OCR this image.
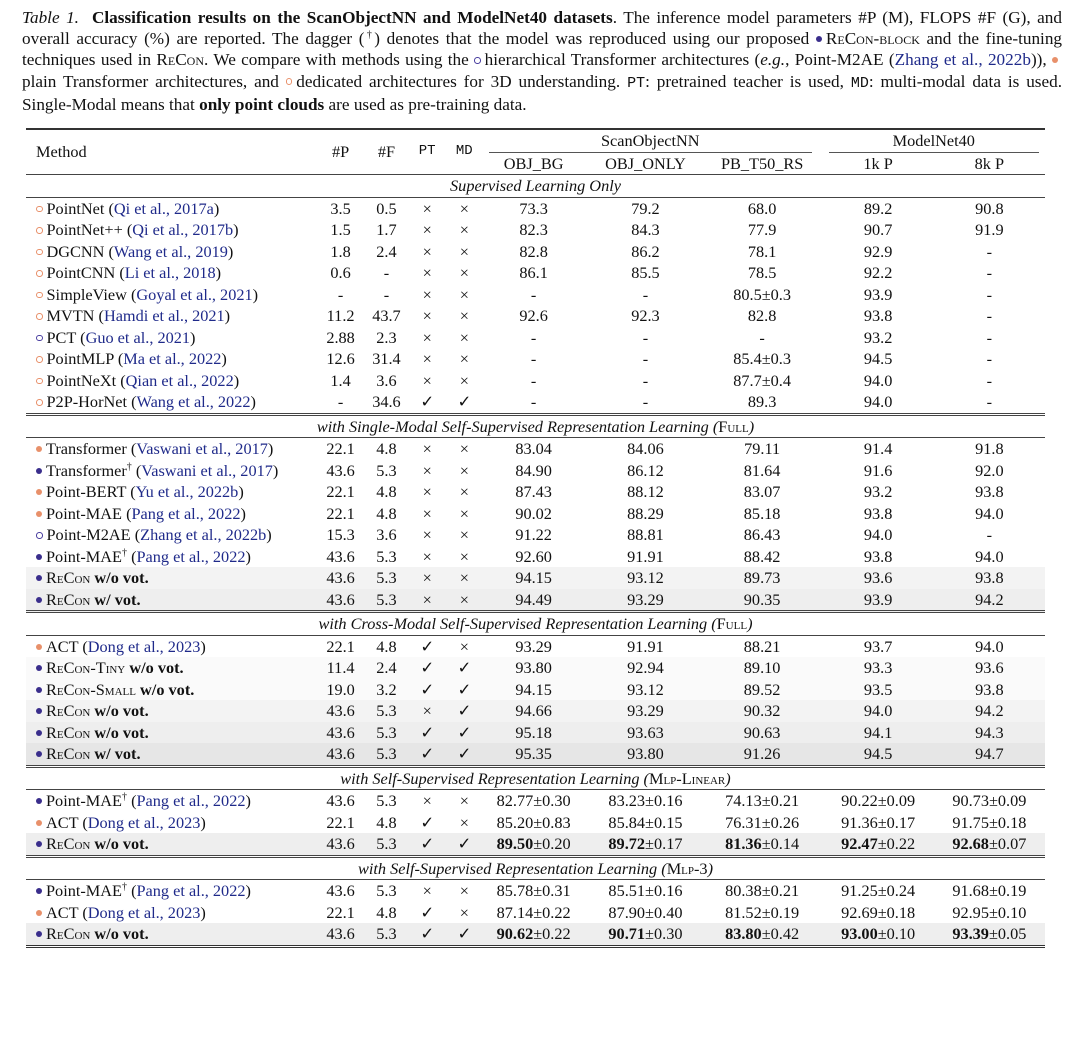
Table 1. Classification results on the ScanObjectNN and ModelNet40 datasets. The inference model parameters #P (M), FLOPS #F (G), and overall accuracy (%) are reported. The dagger (†) denotes that the model was reproduced using our proposed ReCon-block and the fine-tuning techniques used in ReCon. We compare with methods using the hierarchical Transformer architectures (e.g., Point-M2AE (Zhang et al., 2022b)), plain Transformer architectures, and dedicated architectures for 3D understanding. PT: pretrained teacher is used, MD: multi-modal data is used. Single-Modal means that only point clouds are used as pre-training data.
Method	#P	#F	PT	MD	ScanObjectNN				ModelNet40	

					OBJ_BG	OBJ_ONLY	PB_T50_RS		1k P	8k P
Supervised Learning Only										
PointNet (Qi et al., 2017a)	3.5	0.5	×	×	73.3	79.2	68.0		89.2	90.8
PointNet++ (Qi et al., 2017b)	1.5	1.7	×	×	82.3	84.3	77.9		90.7	91.9
DGCNN (Wang et al., 2019)	1.8	2.4	×	×	82.8	86.2	78.1		92.9	-
PointCNN (Li et al., 2018)	0.6	-	×	×	86.1	85.5	78.5		92.2	-
SimpleView (Goyal et al., 2021)	-	-	×	×	-	-	80.5±0.3		93.9	-
MVTN (Hamdi et al., 2021)	11.2	43.7	×	×	92.6	92.3	82.8		93.8	-
PCT (Guo et al., 2021)	2.88	2.3	×	×	-	-	-		93.2	-
PointMLP (Ma et al., 2022)	12.6	31.4	×	×	-	-	85.4±0.3		94.5	-
PointNeXt (Qian et al., 2022)	1.4	3.6	×	×	-	-	87.7±0.4		94.0	-
P2P-HorNet (Wang et al., 2022)	-	34.6	✓	✓	-	-	89.3		94.0	-
with Single-Modal Self-Supervised Representation Learning (Full)										
Transformer (Vaswani et al., 2017)	22.1	4.8	×	×	83.04	84.06	79.11		91.4	91.8
Transformer† (Vaswani et al., 2017)	43.6	5.3	×	×	84.90	86.12	81.64		91.6	92.0
Point-BERT (Yu et al., 2022b)	22.1	4.8	×	×	87.43	88.12	83.07		93.2	93.8
Point-MAE (Pang et al., 2022)	22.1	4.8	×	×	90.02	88.29	85.18		93.8	94.0
Point-M2AE (Zhang et al., 2022b)	15.3	3.6	×	×	91.22	88.81	86.43		94.0	-
Point-MAE† (Pang et al., 2022)	43.6	5.3	×	×	92.60	91.91	88.42		93.8	94.0
ReCon w/o vot.	43.6	5.3	×	×	94.15	93.12	89.73		93.6	93.8
ReCon w/ vot.	43.6	5.3	×	×	94.49	93.29	90.35		93.9	94.2
with Cross-Modal Self-Supervised Representation Learning (Full)										
ACT (Dong et al., 2023)	22.1	4.8	✓	×	93.29	91.91	88.21		93.7	94.0
ReCon-Tiny w/o vot.	11.4	2.4	✓	✓	93.80	92.94	89.10		93.3	93.6
ReCon-Small w/o vot.	19.0	3.2	✓	✓	94.15	93.12	89.52		93.5	93.8
ReCon w/o vot.	43.6	5.3	×	✓	94.66	93.29	90.32		94.0	94.2
ReCon w/o vot.	43.6	5.3	✓	✓	95.18	93.63	90.63		94.1	94.3
ReCon w/ vot.	43.6	5.3	✓	✓	95.35	93.80	91.26		94.5	94.7
with Self-Supervised Representation Learning (Mlp-Linear)										
Point-MAE† (Pang et al., 2022)	43.6	5.3	×	×	82.77±0.30	83.23±0.16	74.13±0.21		90.22±0.09	90.73±0.09
ACT (Dong et al., 2023)	22.1	4.8	✓	×	85.20±0.83	85.84±0.15	76.31±0.26		91.36±0.17	91.75±0.18
ReCon w/o vot.	43.6	5.3	✓	✓	89.50±0.20	89.72±0.17	81.36±0.14		92.47±0.22	92.68±0.07
with Self-Supervised Representation Learning (Mlp-3)										
Point-MAE† (Pang et al., 2022)	43.6	5.3	×	×	85.78±0.31	85.51±0.16	80.38±0.21		91.25±0.24	91.68±0.19
ACT (Dong et al., 2023)	22.1	4.8	✓	×	87.14±0.22	87.90±0.40	81.52±0.19		92.69±0.18	92.95±0.10
ReCon w/o vot.	43.6	5.3	✓	✓	90.62±0.22	90.71±0.30	83.80±0.42		93.00±0.10	93.39±0.05
